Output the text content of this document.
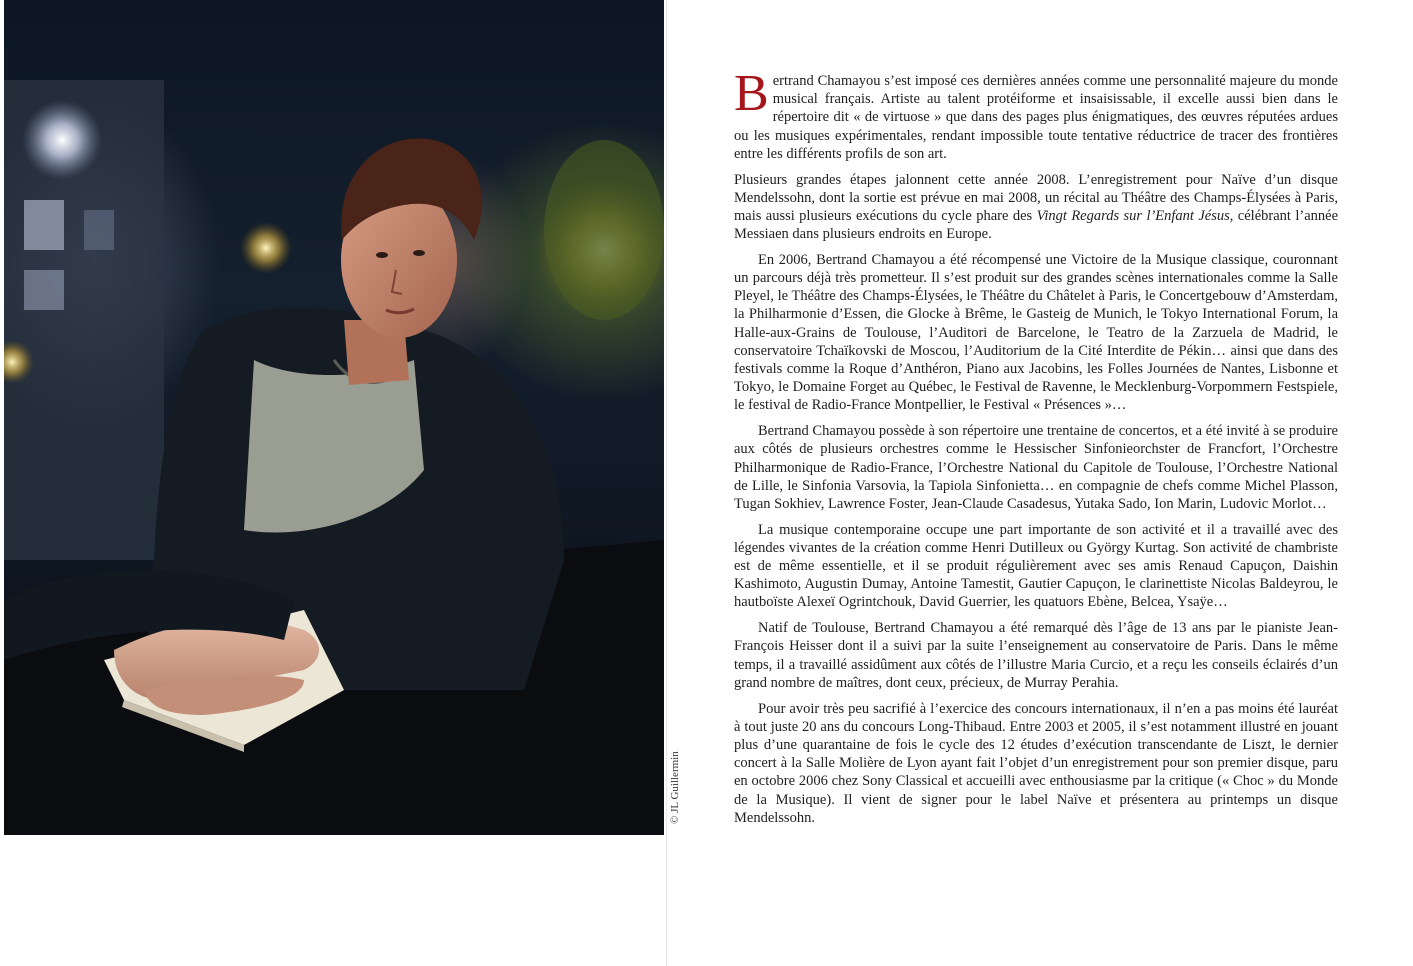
© JL Guillermin

Bertrand Chamayou s’est imposé ces dernières années comme une personnalité majeure du monde musical français. Artiste au talent protéiforme et insaisissable, il excelle aussi bien dans le répertoire dit « de virtuose » que dans des pages plus énigmatiques, des œuvres réputées ardues ou les musiques expérimentales, rendant impossible toute tentative réductrice de tracer des frontières entre les différents profils de son art.

Plusieurs grandes étapes jalonnent cette année 2008. L’enregistrement pour Naïve d’un disque Mendelssohn, dont la sortie est prévue en mai 2008, un récital au Théâtre des Champs-Élysées à Paris, mais aussi plusieurs exécutions du cycle phare des Vingt Regards sur l’Enfant Jésus, célébrant l’année Messiaen dans plusieurs endroits en Europe.

En 2006, Bertrand Chamayou a été récompensé une Victoire de la Musique classique, couronnant un parcours déjà très prometteur. Il s’est produit sur des grandes scènes internationales comme la Salle Pleyel, le Théâtre des Champs-Élysées, le Théâtre du Châtelet à Paris, le Concertgebouw d’Amsterdam, la Philharmonie d’Essen, die Glocke à Brême, le Gasteig de Munich, le Tokyo International Forum, la Halle-aux-Grains de Toulouse, l’Auditori de Barcelone, le Teatro de la Zarzuela de Madrid, le conservatoire Tchaïkovski de Moscou, l’Auditorium de la Cité Interdite de Pékin… ainsi que dans des festivals comme la Roque d’Anthéron, Piano aux Jacobins, les Folles Journées de Nantes, Lisbonne et Tokyo, le Domaine Forget au Québec, le Festival de Ravenne, le Mecklenburg-Vorpommern Festspiele, le festival de Radio-France Montpellier, le Festival « Présences »…

Bertrand Chamayou possède à son répertoire une trentaine de concertos, et a été invité à se produire aux côtés de plusieurs orchestres comme le Hessischer Sinfonieorchster de Francfort, l’Orchestre Philharmonique de Radio-France, l’Orchestre National du Capitole de Toulouse, l’Orchestre National de Lille, le Sinfonia Varsovia, la Tapiola Sinfonietta… en compagnie de chefs comme Michel Plasson, Tugan Sokhiev, Lawrence Foster, Jean-Claude Casadesus, Yutaka Sado, Ion Marin, Ludovic Morlot…

La musique contemporaine occupe une part importante de son activité et il a travaillé avec des légendes vivantes de la création comme Henri Dutilleux ou György Kurtag. Son activité de chambriste est de même essentielle, et il se produit régulièrement avec ses amis Renaud Capuçon, Daishin Kashimoto, Augustin Dumay, Antoine Tamestit, Gautier Capuçon, le clarinettiste Nicolas Baldeyrou, le hautboïste Alexeï Ogrintchouk, David Guerrier, les quatuors Ebène, Belcea, Ysaÿe…

Natif de Toulouse, Bertrand Chamayou a été remarqué dès l’âge de 13 ans par le pianiste Jean-François Heisser dont il a suivi par la suite l’enseignement au conservatoire de Paris. Dans le même temps, il a travaillé assidûment aux côtés de l’illustre Maria Curcio, et a reçu les conseils éclairés d’un grand nombre de maîtres, dont ceux, précieux, de Murray Perahia.

Pour avoir très peu sacrifié à l’exercice des concours internationaux, il n’en a pas moins été lauréat à tout juste 20 ans du concours Long-Thibaud. Entre 2003 et 2005, il s’est notamment illustré en jouant plus d’une quarantaine de fois le cycle des 12 études d’exécution transcendante de Liszt, le dernier concert à la Salle Molière de Lyon ayant fait l’objet d’un enregistrement pour son premier disque, paru en octobre 2006 chez Sony Classical et accueilli avec enthousiasme par la critique (« Choc » du Monde de la Musique). Il vient de signer pour le label Naïve et présentera au printemps un disque Mendelssohn.
